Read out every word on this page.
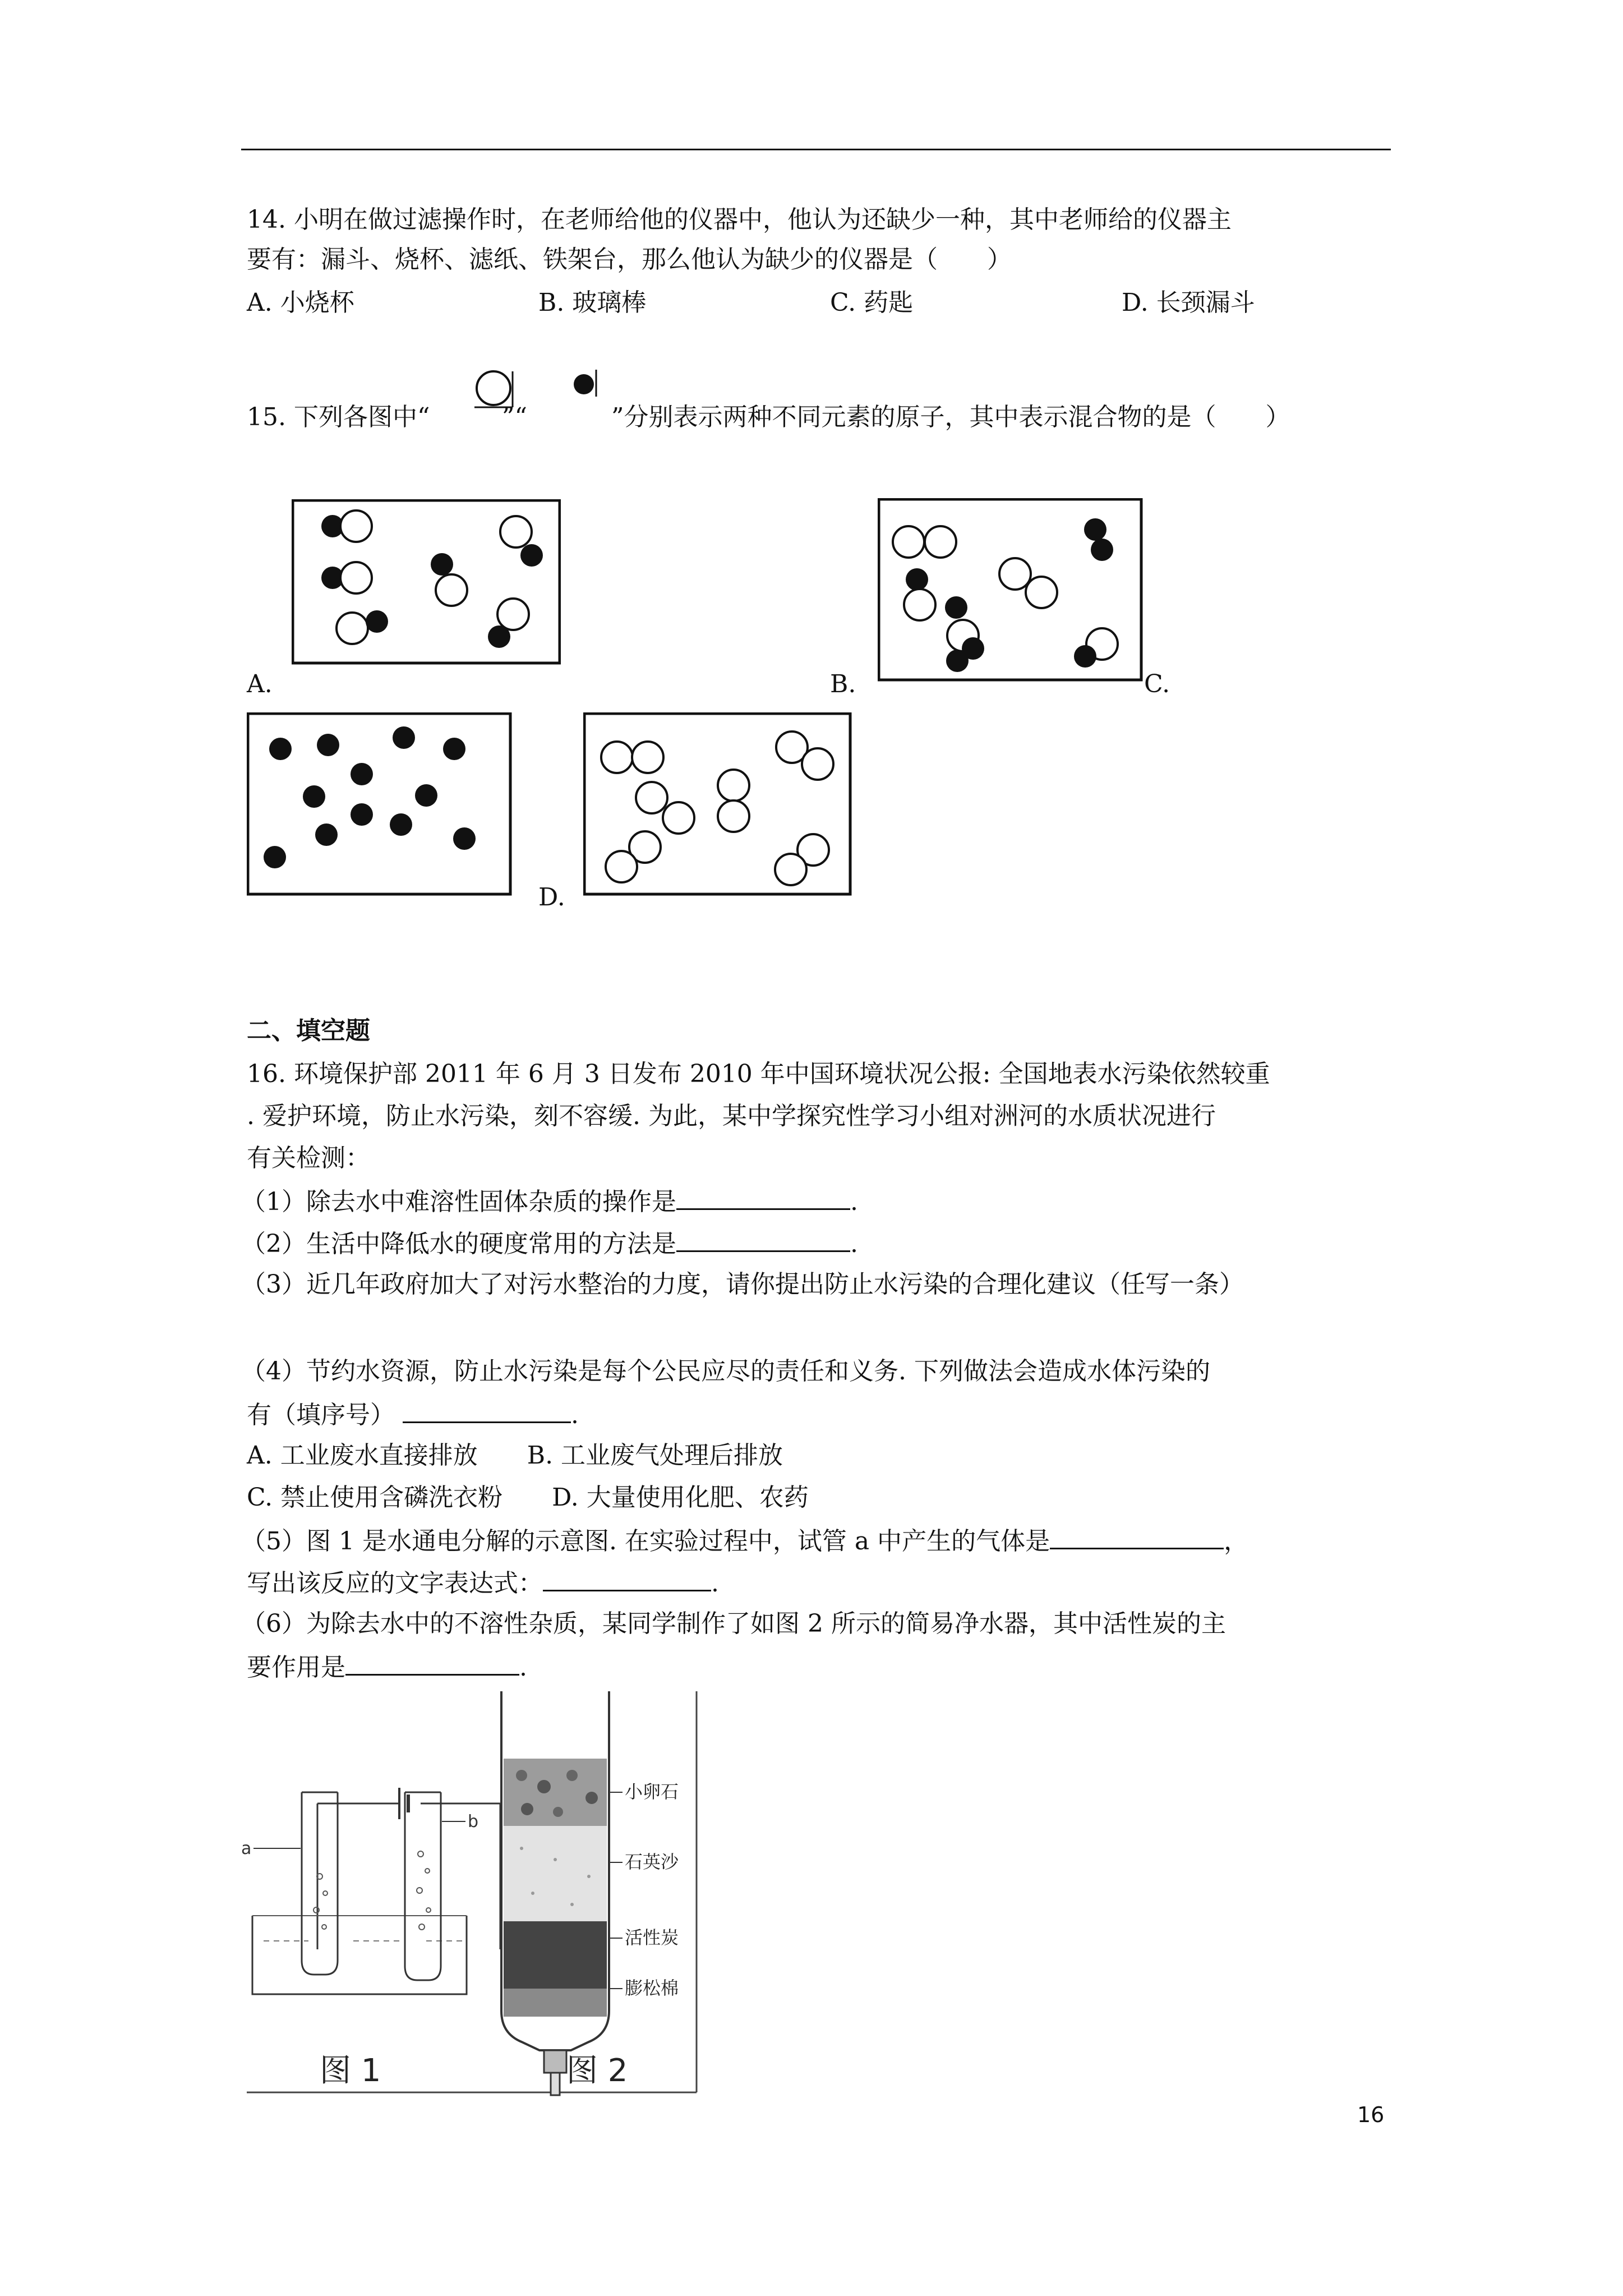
14. 小明在做过滤操作时，在老师给他的仪器中，他认为还缺少一种，其中老师给的仪器主
要有：漏斗、烧杯、滤纸、铁架台，那么他认为缺少的仪器是（　　）
A. 小烧杯	B. 玻璃棒	C. 药匙	D. 长颈漏斗
15. 下列各图中“	”“	”分别表示两种不同元素的原子，其中表示混合物的是（　　）
A.	B.	C.
D.
二、填空题
16. 环境保护部 2011 年 6 月 3 日发布 2010 年中国环境状况公报: 全国地表水污染依然较重
. 爱护环境，防止水污染，刻不容缓. 为此，某中学探究性学习小组对洲河的水质状况进行
有关检测：
（1）除去水中难溶性固体杂质的操作是	.
（2）生活中降低水的硬度常用的方法是	.
（3）近几年政府加大了对污水整治的力度，请你提出防止水污染的合理化建议（任写一条）
（4）节约水资源，防止水污染是每个公民应尽的责任和义务. 下列做法会造成水体污染的
有（填序号）	.
A. 工业废水直接排放　　B. 工业废气处理后排放
C. 禁止使用含磷洗衣粉　　D. 大量使用化肥、农药
（5）图 1 是水通电分解的示意图. 在实验过程中，试管 a 中产生的气体是	，
写出该反应的文字表达式：	.
（6）为除去水中的不溶性杂质，某同学制作了如图 2 所示的简易净水器，其中活性炭的主
要作用是	.
a
b
小卵石
石英沙
活性炭
膨松棉
图 1	图 2
16
